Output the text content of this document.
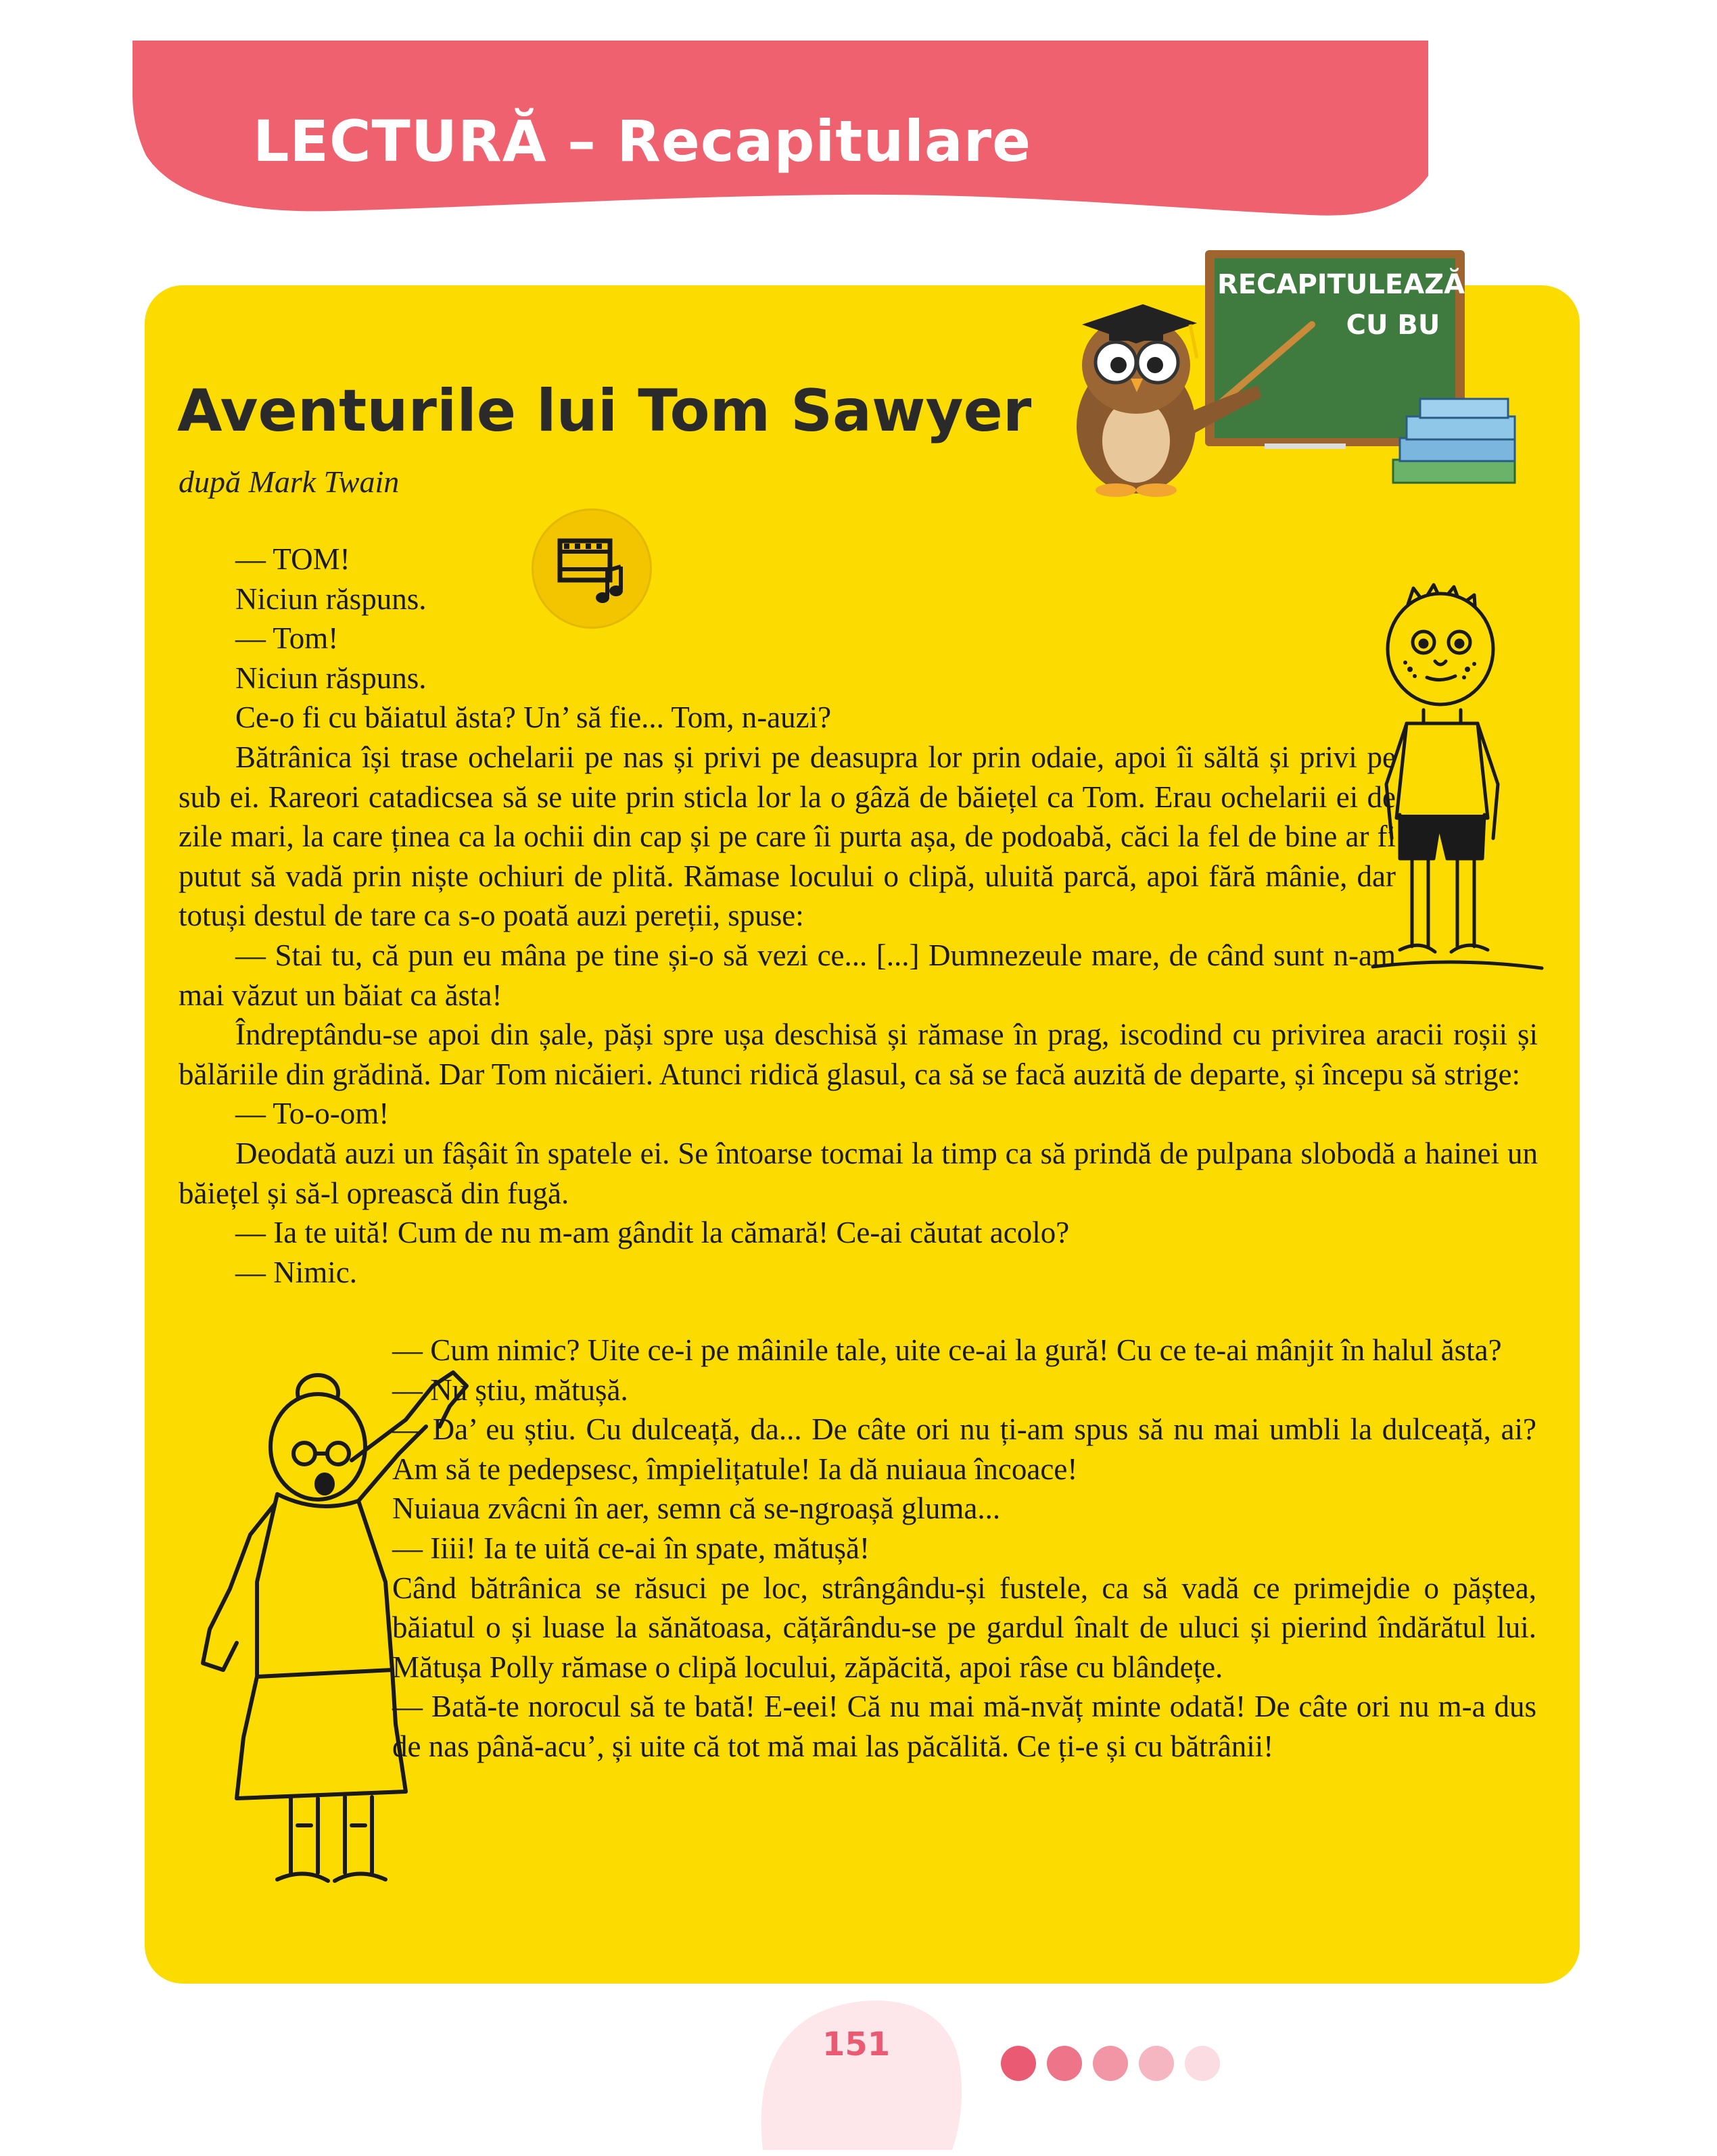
LECTURĂ – Recapitulare
RECAPITULEAZĂ
CU BU
Aventurile lui Tom Sawyer
după Mark Twain

— TOM!

Niciun răspuns.

— Tom!

Niciun răspuns.

Ce-o fi cu băiatul ăsta? Un’ să fie... Tom, n-auzi?

Bătrânica își trase ochelarii pe nas și privi pe deasupra lor prin odaie, apoi îi săltă și privi pe sub ei. Rareori catadicsea să se uite prin sticla lor la o gâză de băiețel ca Tom. Erau ochelarii ei de zile mari, la care ținea ca la ochii din cap și pe care îi purta așa, de podoabă, căci la fel de bine ar fi putut să vadă prin niște ochiuri de plită. Rămase locului o clipă, uluită parcă, apoi fără mânie, dar totuși destul de tare ca s-o poată auzi pereții, spuse:

— Stai tu, că pun eu mâna pe tine și-o să vezi ce... [...] Dumnezeule mare, de când sunt n-am mai văzut un băiat ca ăsta!

Îndreptându-se apoi din șale, păși spre ușa deschisă și rămase în prag, iscodind cu privirea aracii roșii și bălăriile din grădină. Dar Tom nicăieri. Atunci ridică glasul, ca să se facă auzită de departe, și începu să strige:

— To-o-om!

Deodată auzi un fâșâit în spatele ei. Se întoarse tocmai la timp ca să prindă de pulpana slobodă a hainei un băiețel și să-l oprească din fugă.

— Ia te uită! Cum de nu m-am gândit la cămară! Ce-ai căutat acolo?

— Nimic.

— Cum nimic? Uite ce-i pe mâinile tale, uite ce-ai la gură! Cu ce te-ai mânjit în halul ăsta?

— Nu știu, mătușă.

— Da’ eu știu. Cu dulceață, da... De câte ori nu ți-am spus să nu mai umbli la dulceață, ai? Am să te pedepsesc, împielițatule! Ia dă nuiaua încoace!

Nuiaua zvâcni în aer, semn că se-ngroașă gluma...

— Iiii! Ia te uită ce-ai în spate, mătușă!

Când bătrânica se răsuci pe loc, strângându-și fustele, ca să vadă ce primejdie o păștea, băiatul o și luase la sănătoasa, cățărându-se pe gardul înalt de uluci și pierind îndărătul lui. Mătușa Polly rămase o clipă locului, zăpăcită, apoi râse cu blândețe.

— Bată-te norocul să te bată! E-eei! Că nu mai mă-nvăț minte odată! De câte ori nu m-a dus de nas până-acu’, și uite că tot mă mai las păcălită. Ce ți-e și cu bătrânii!

151
